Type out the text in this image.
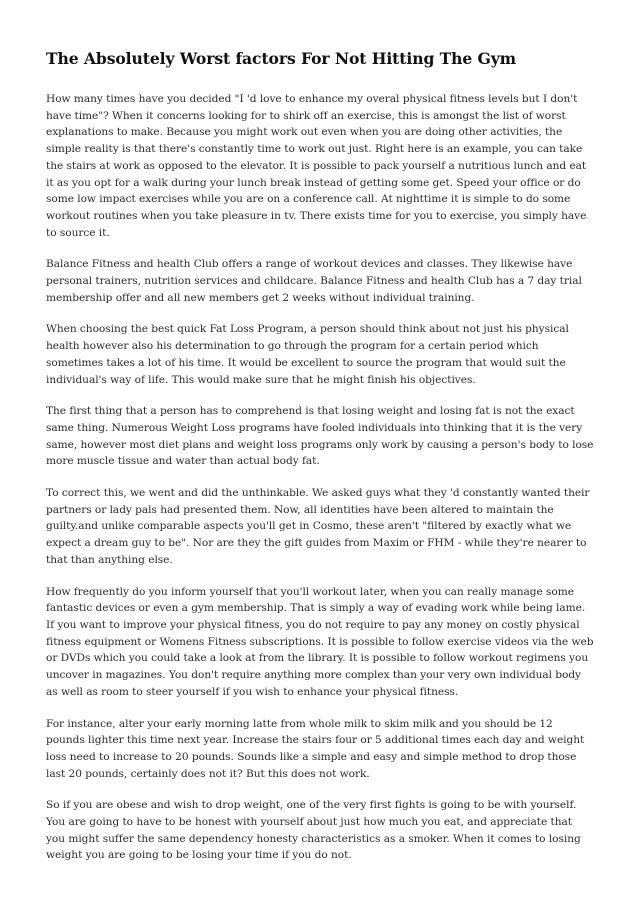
The Absolutely Worst factors For Not Hitting The Gym

How many times have you decided "I 'd love to enhance my overal physical fitness levels but I don't have time"? When it concerns looking for to shirk off an exercise, this is amongst the list of worst explanations to make. Because you might work out even when you are doing other activities, the simple reality is that there's constantly time to work out just. Right here is an example, you can take the stairs at work as opposed to the elevator. It is possible to pack yourself a nutritious lunch and eat it as you opt for a walk during your lunch break instead of getting some get. Speed your office or do some low impact exercises while you are on a conference call. At nighttime it is simple to do some workout routines when you take pleasure in tv. There exists time for you to exercise, you simply have to source it.

Balance Fitness and health Club offers a range of workout devices and classes. They likewise have personal trainers, nutrition services and childcare. Balance Fitness and health Club has a 7 day trial membership offer and all new members get 2 weeks without individual training.

When choosing the best quick Fat Loss Program, a person should think about not just his physical health however also his determination to go through the program for a certain period which sometimes takes a lot of his time. It would be excellent to source the program that would suit the individual's way of life. This would make sure that he might finish his objectives.

The first thing that a person has to comprehend is that losing weight and losing fat is not the exact same thing. Numerous Weight Loss programs have fooled individuals into thinking that it is the very same, however most diet plans and weight loss programs only work by causing a person's body to lose more muscle tissue and water than actual body fat.

To correct this, we went and did the unthinkable. We asked guys what they 'd constantly wanted their partners or lady pals had presented them. Now, all identities have been altered to maintain the guilty.and unlike comparable aspects you'll get in Cosmo, these aren't "filtered by exactly what we expect a dream guy to be". Nor are they the gift guides from Maxim or FHM - while they're nearer to that than anything else.

How frequently do you inform yourself that you'll workout later, when you can really manage some fantastic devices or even a gym membership. That is simply a way of evading work while being lame. If you want to improve your physical fitness, you do not require to pay any money on costly physical fitness equipment or Womens Fitness subscriptions. It is possible to follow exercise videos via the web or DVDs which you could take a look at from the library. It is possible to follow workout regimens you uncover in magazines. You don't require anything more complex than your very own individual body as well as room to steer yourself if you wish to enhance your physical fitness.

For instance, alter your early morning latte from whole milk to skim milk and you should be 12 pounds lighter this time next year. Increase the stairs four or 5 additional times each day and weight loss need to increase to 20 pounds. Sounds like a simple and easy and simple method to drop those last 20 pounds, certainly does not it? But this does not work.

So if you are obese and wish to drop weight, one of the very first fights is going to be with yourself. You are going to have to be honest with yourself about just how much you eat, and appreciate that you might suffer the same dependency honesty characteristics as a smoker. When it comes to losing weight you are going to be losing your time if you do not.
